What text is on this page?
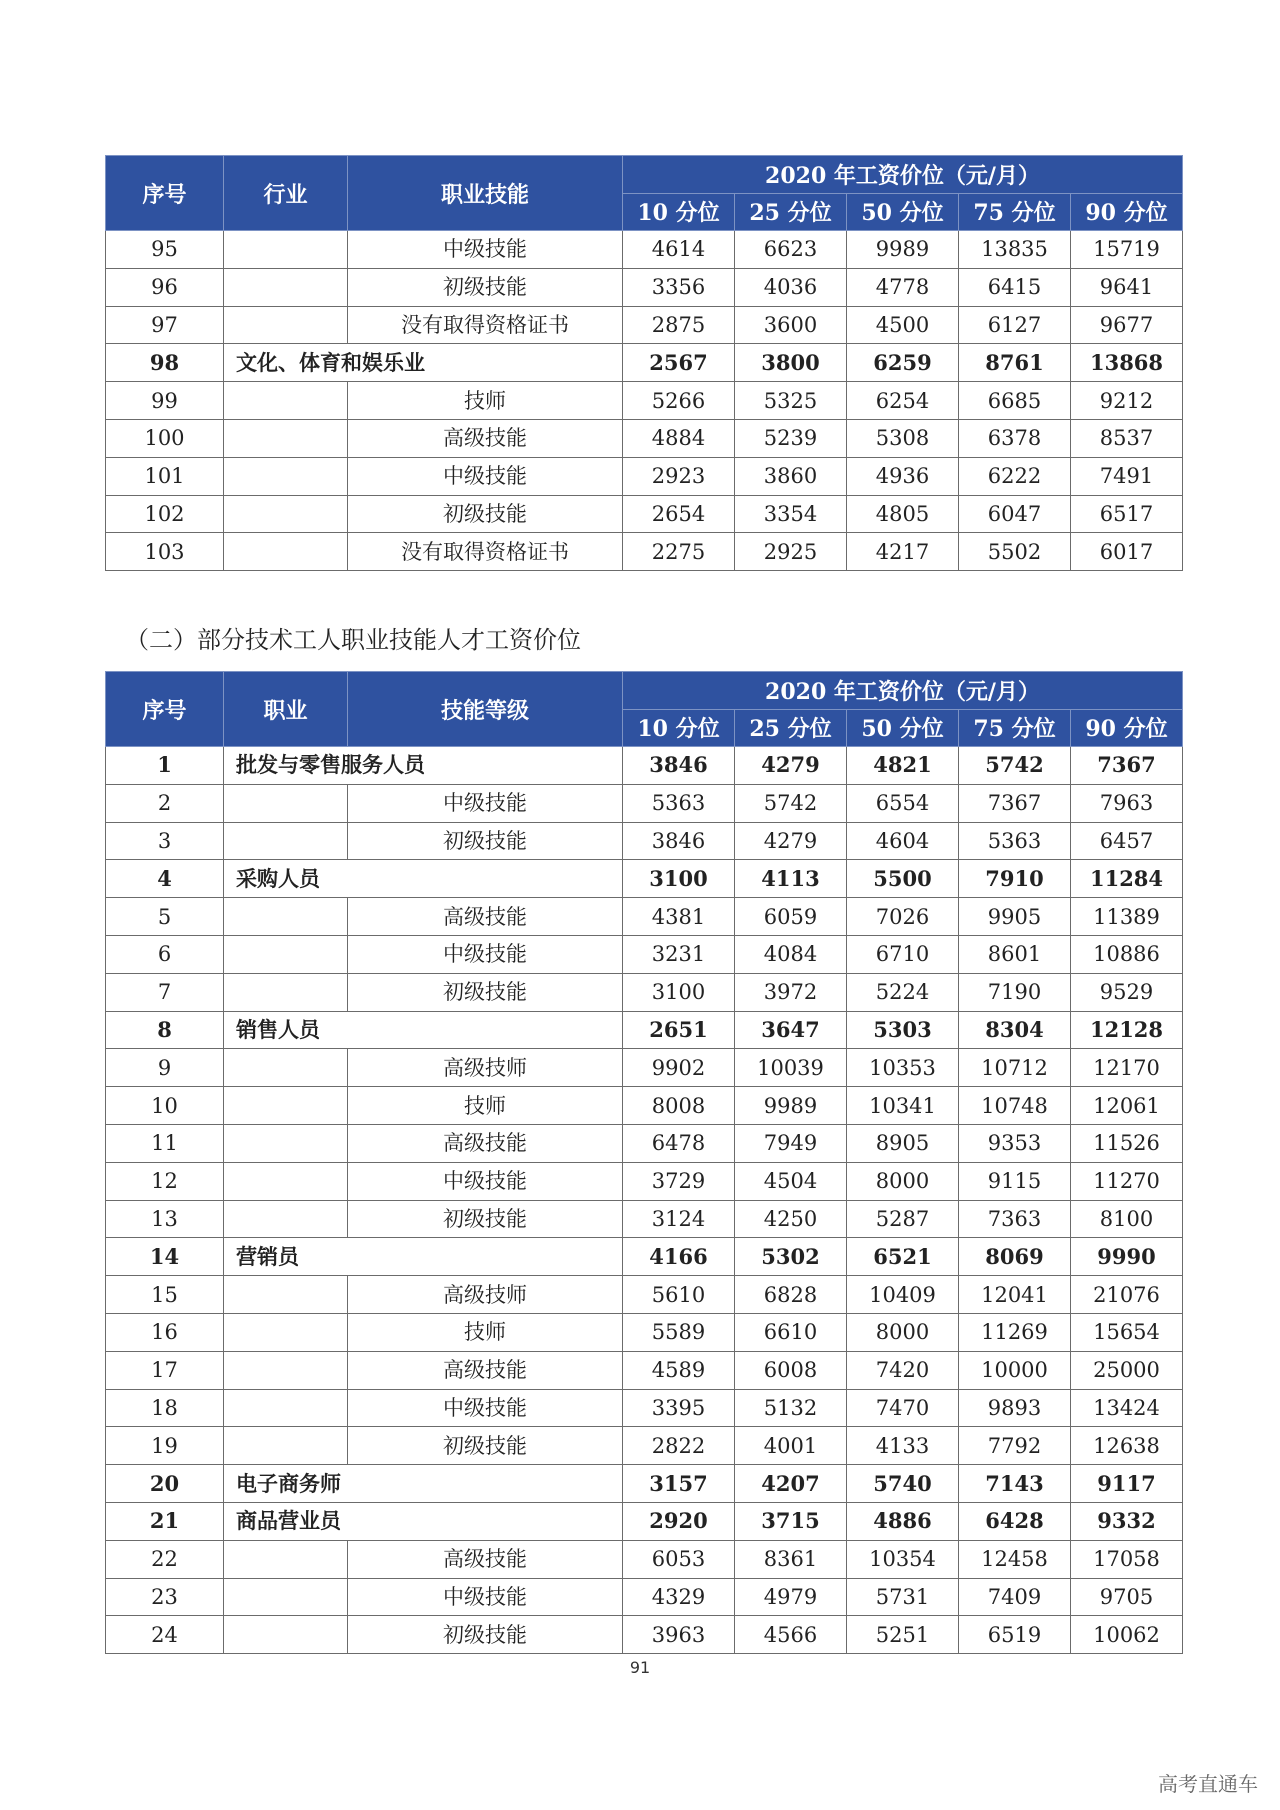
序号	行业	职业技能	2020 年工资价位（元/月）				
			10 分位	25 分位	50 分位	75 分位	90 分位
95		中级技能	4614	6623	9989	13835	15719
96		初级技能	3356	4036	4778	6415	9641
97		没有取得资格证书	2875	3600	4500	6127	9677
98	文化、体育和娱乐业		2567	3800	6259	8761	13868
99		技师	5266	5325	6254	6685	9212
100		高级技能	4884	5239	5308	6378	8537
101		中级技能	2923	3860	4936	6222	7491
102		初级技能	2654	3354	4805	6047	6517
103		没有取得资格证书	2275	2925	4217	5502	6017
（二）部分技术工人职业技能人才工资价位
序号	职业	技能等级	2020 年工资价位（元/月）				
			10 分位	25 分位	50 分位	75 分位	90 分位
1	批发与零售服务人员		3846	4279	4821	5742	7367
2		中级技能	5363	5742	6554	7367	7963
3		初级技能	3846	4279	4604	5363	6457
4	采购人员		3100	4113	5500	7910	11284
5		高级技能	4381	6059	7026	9905	11389
6		中级技能	3231	4084	6710	8601	10886
7		初级技能	3100	3972	5224	7190	9529
8	销售人员		2651	3647	5303	8304	12128
9		高级技师	9902	10039	10353	10712	12170
10		技师	8008	9989	10341	10748	12061
11		高级技能	6478	7949	8905	9353	11526
12		中级技能	3729	4504	8000	9115	11270
13		初级技能	3124	4250	5287	7363	8100
14	营销员		4166	5302	6521	8069	9990
15		高级技师	5610	6828	10409	12041	21076
16		技师	5589	6610	8000	11269	15654
17		高级技能	4589	6008	7420	10000	25000
18		中级技能	3395	5132	7470	9893	13424
19		初级技能	2822	4001	4133	7792	12638
20	电子商务师		3157	4207	5740	7143	9117
21	商品营业员		2920	3715	4886	6428	9332
22		高级技能	6053	8361	10354	12458	17058
23		中级技能	4329	4979	5731	7409	9705
24		初级技能	3963	4566	5251	6519	10062
91
高考直通车
